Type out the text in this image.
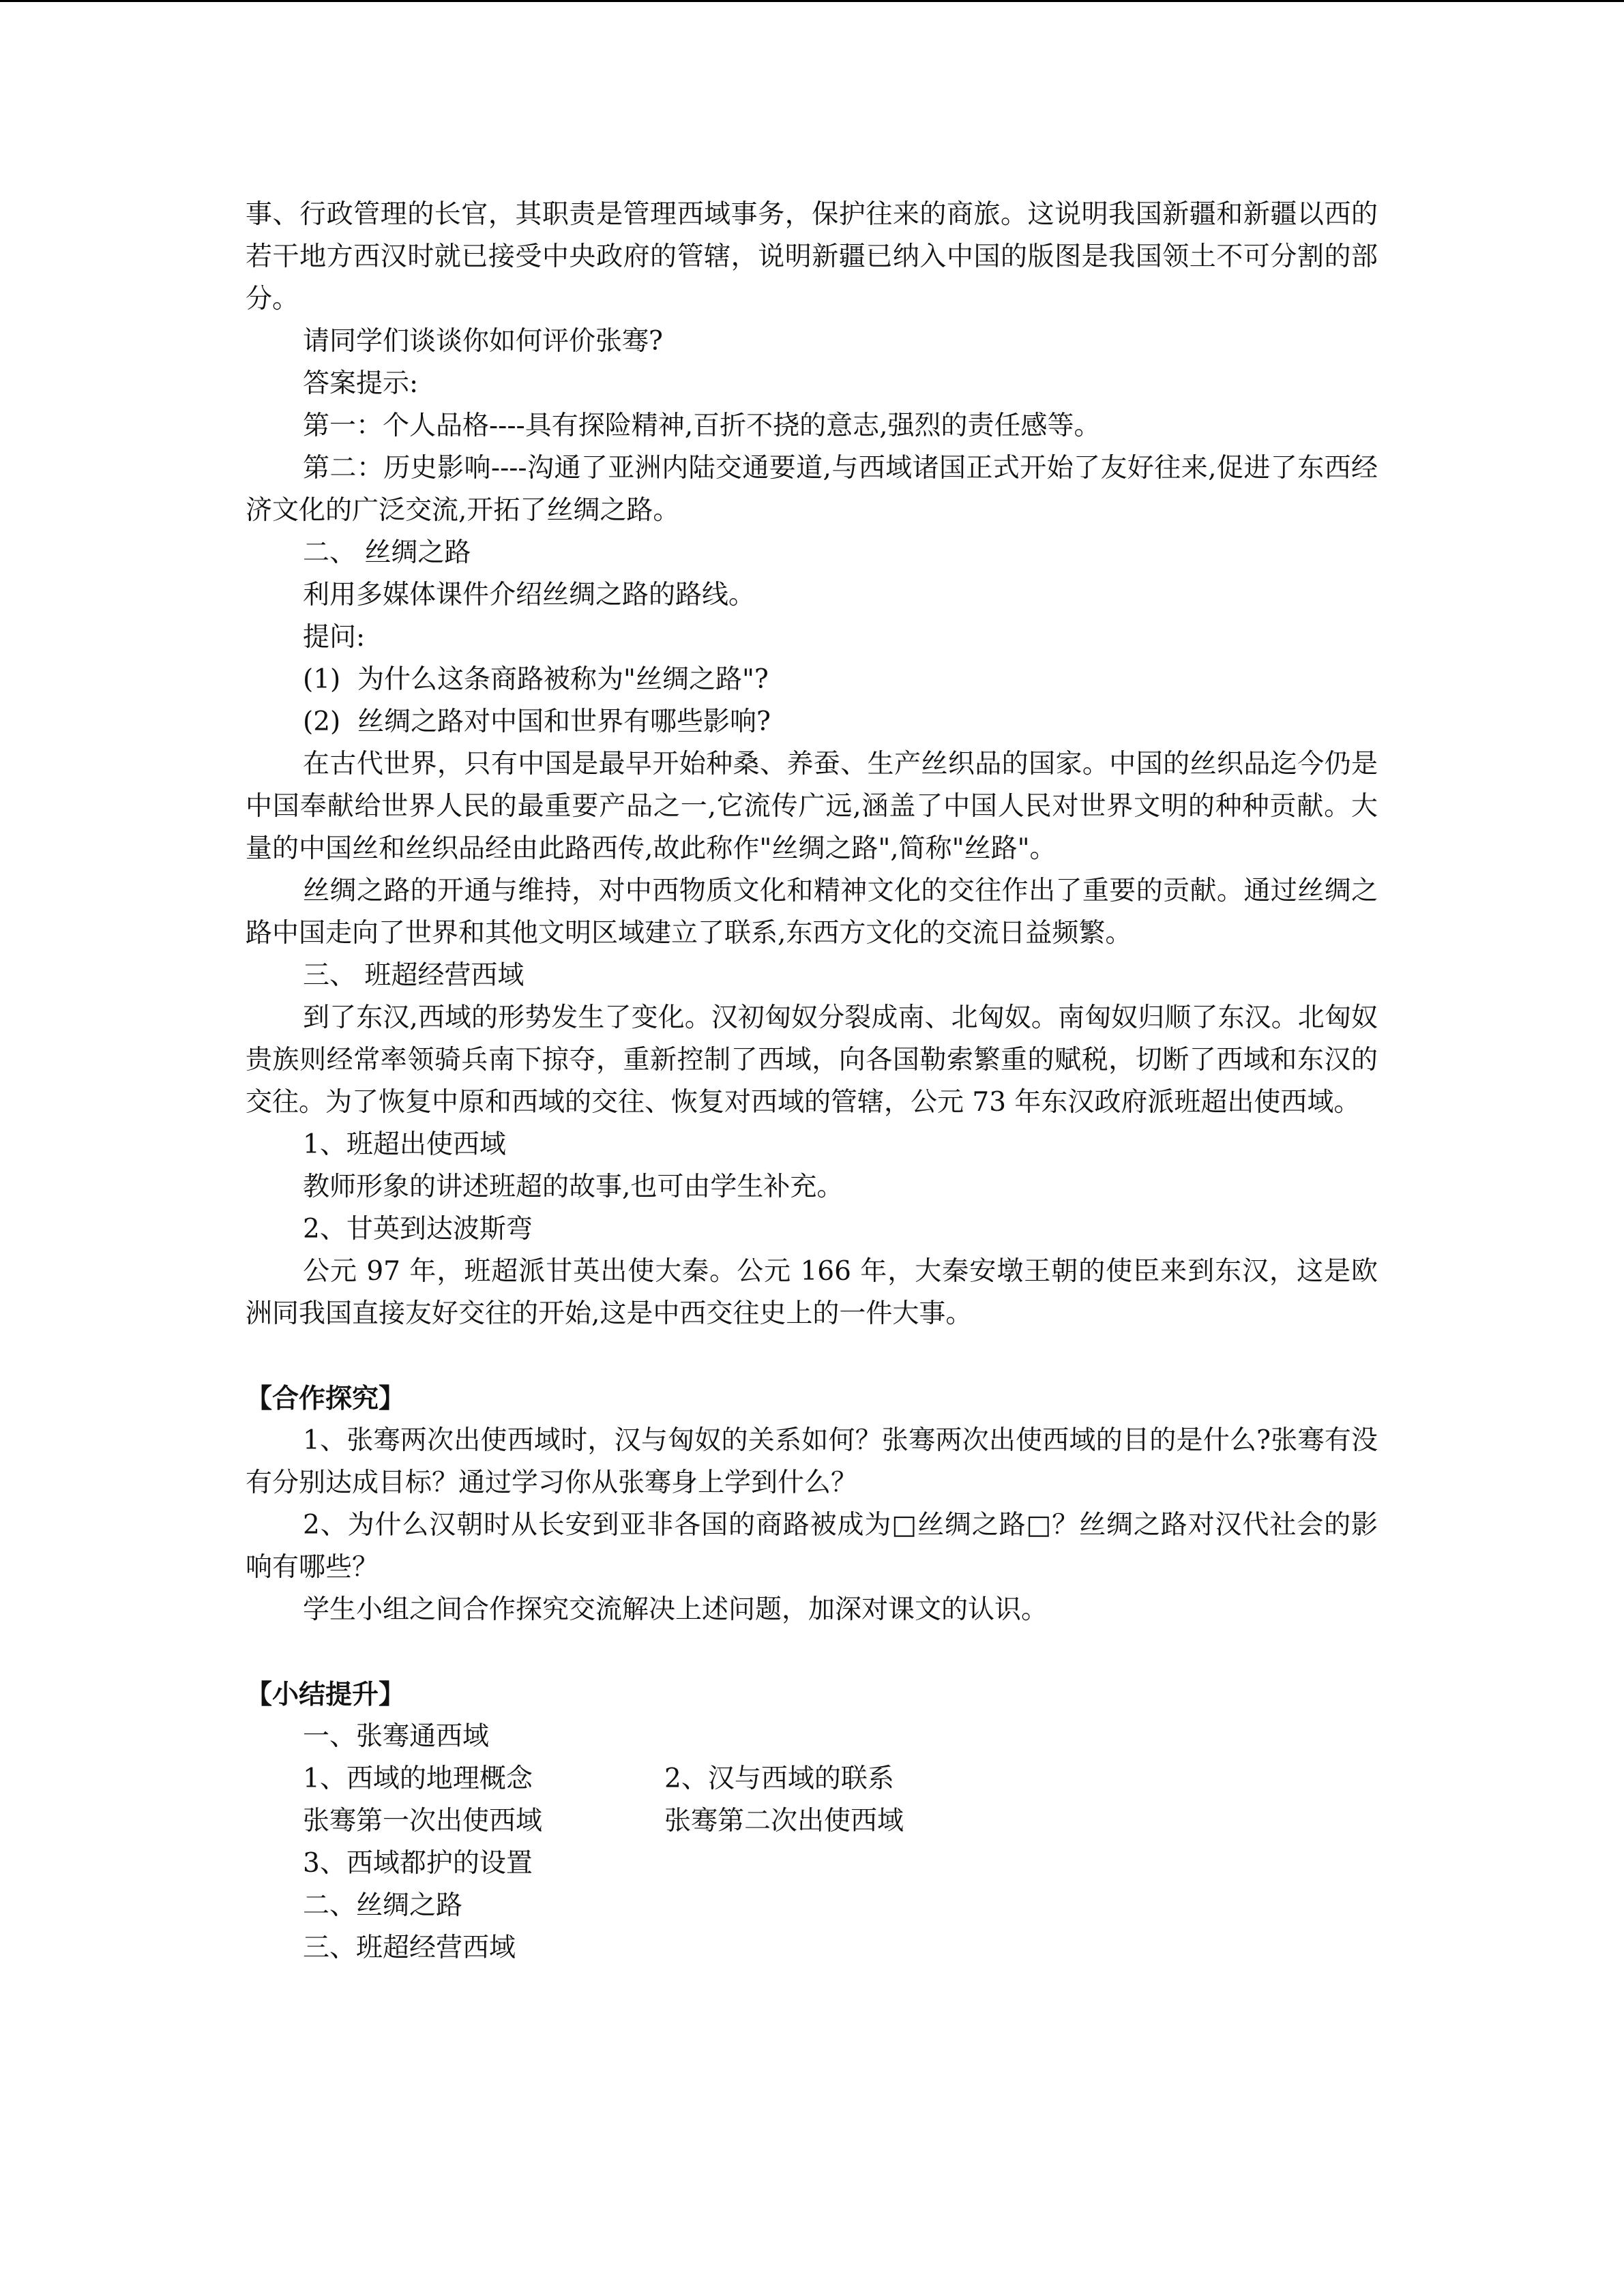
事、行政管理的长官，其职责是管理西域事务，保护往来的商旅。这说明我国新疆和新疆以西的若干地方西汉时就已接受中央政府的管辖，说明新疆已纳入中国的版图是我国领土不可分割的部分。

请同学们谈谈你如何评价张骞?

答案提示:

第一：个人品格----具有探险精神,百折不挠的意志,强烈的责任感等。

第二：历史影响----沟通了亚洲内陆交通要道,与西域诸国正式开始了友好往来,促进了东西经济文化的广泛交流,开拓了丝绸之路。

二、 丝绸之路

利用多媒体课件介绍丝绸之路的路线。

提问:

(1)  为什么这条商路被称为"丝绸之路"?

(2)  丝绸之路对中国和世界有哪些影响?

在古代世界，只有中国是最早开始种桑、养蚕、生产丝织品的国家。中国的丝织品迄今仍是中国奉献给世界人民的最重要产品之一,它流传广远,涵盖了中国人民对世界文明的种种贡献。大量的中国丝和丝织品经由此路西传,故此称作"丝绸之路",简称"丝路"。

丝绸之路的开通与维持，对中西物质文化和精神文化的交往作出了重要的贡献。通过丝绸之路中国走向了世界和其他文明区域建立了联系,东西方文化的交流日益频繁。

三、 班超经营西域

到了东汉,西域的形势发生了变化。汉初匈奴分裂成南、北匈奴。南匈奴归顺了东汉。北匈奴贵族则经常率领骑兵南下掠夺，重新控制了西域，向各国勒索繁重的赋税，切断了西域和东汉的交往。为了恢复中原和西域的交往、恢复对西域的管辖，公元 73 年东汉政府派班超出使西域。

1、班超出使西域

教师形象的讲述班超的故事,也可由学生补充。

2、甘英到达波斯弯

公元 97 年，班超派甘英出使大秦。公元 166 年，大秦安墩王朝的使臣来到东汉，这是欧洲同我国直接友好交往的开始,这是中西交往史上的一件大事。

【合作探究】

1、张骞两次出使西域时，汉与匈奴的关系如何？张骞两次出使西域的目的是什么?张骞有没有分别达成目标？通过学习你从张骞身上学到什么？

2、为什么汉朝时从长安到亚非各国的商路被成为□丝绸之路□？丝绸之路对汉代社会的影响有哪些？

学生小组之间合作探究交流解决上述问题，加深对课文的认识。

【小结提升】

一、张骞通西域

1、西域的地理概念	2、汉与西域的联系
张骞第一次出使西域	张骞第二次出使西域

3、西域都护的设置

二、丝绸之路

三、班超经营西域
